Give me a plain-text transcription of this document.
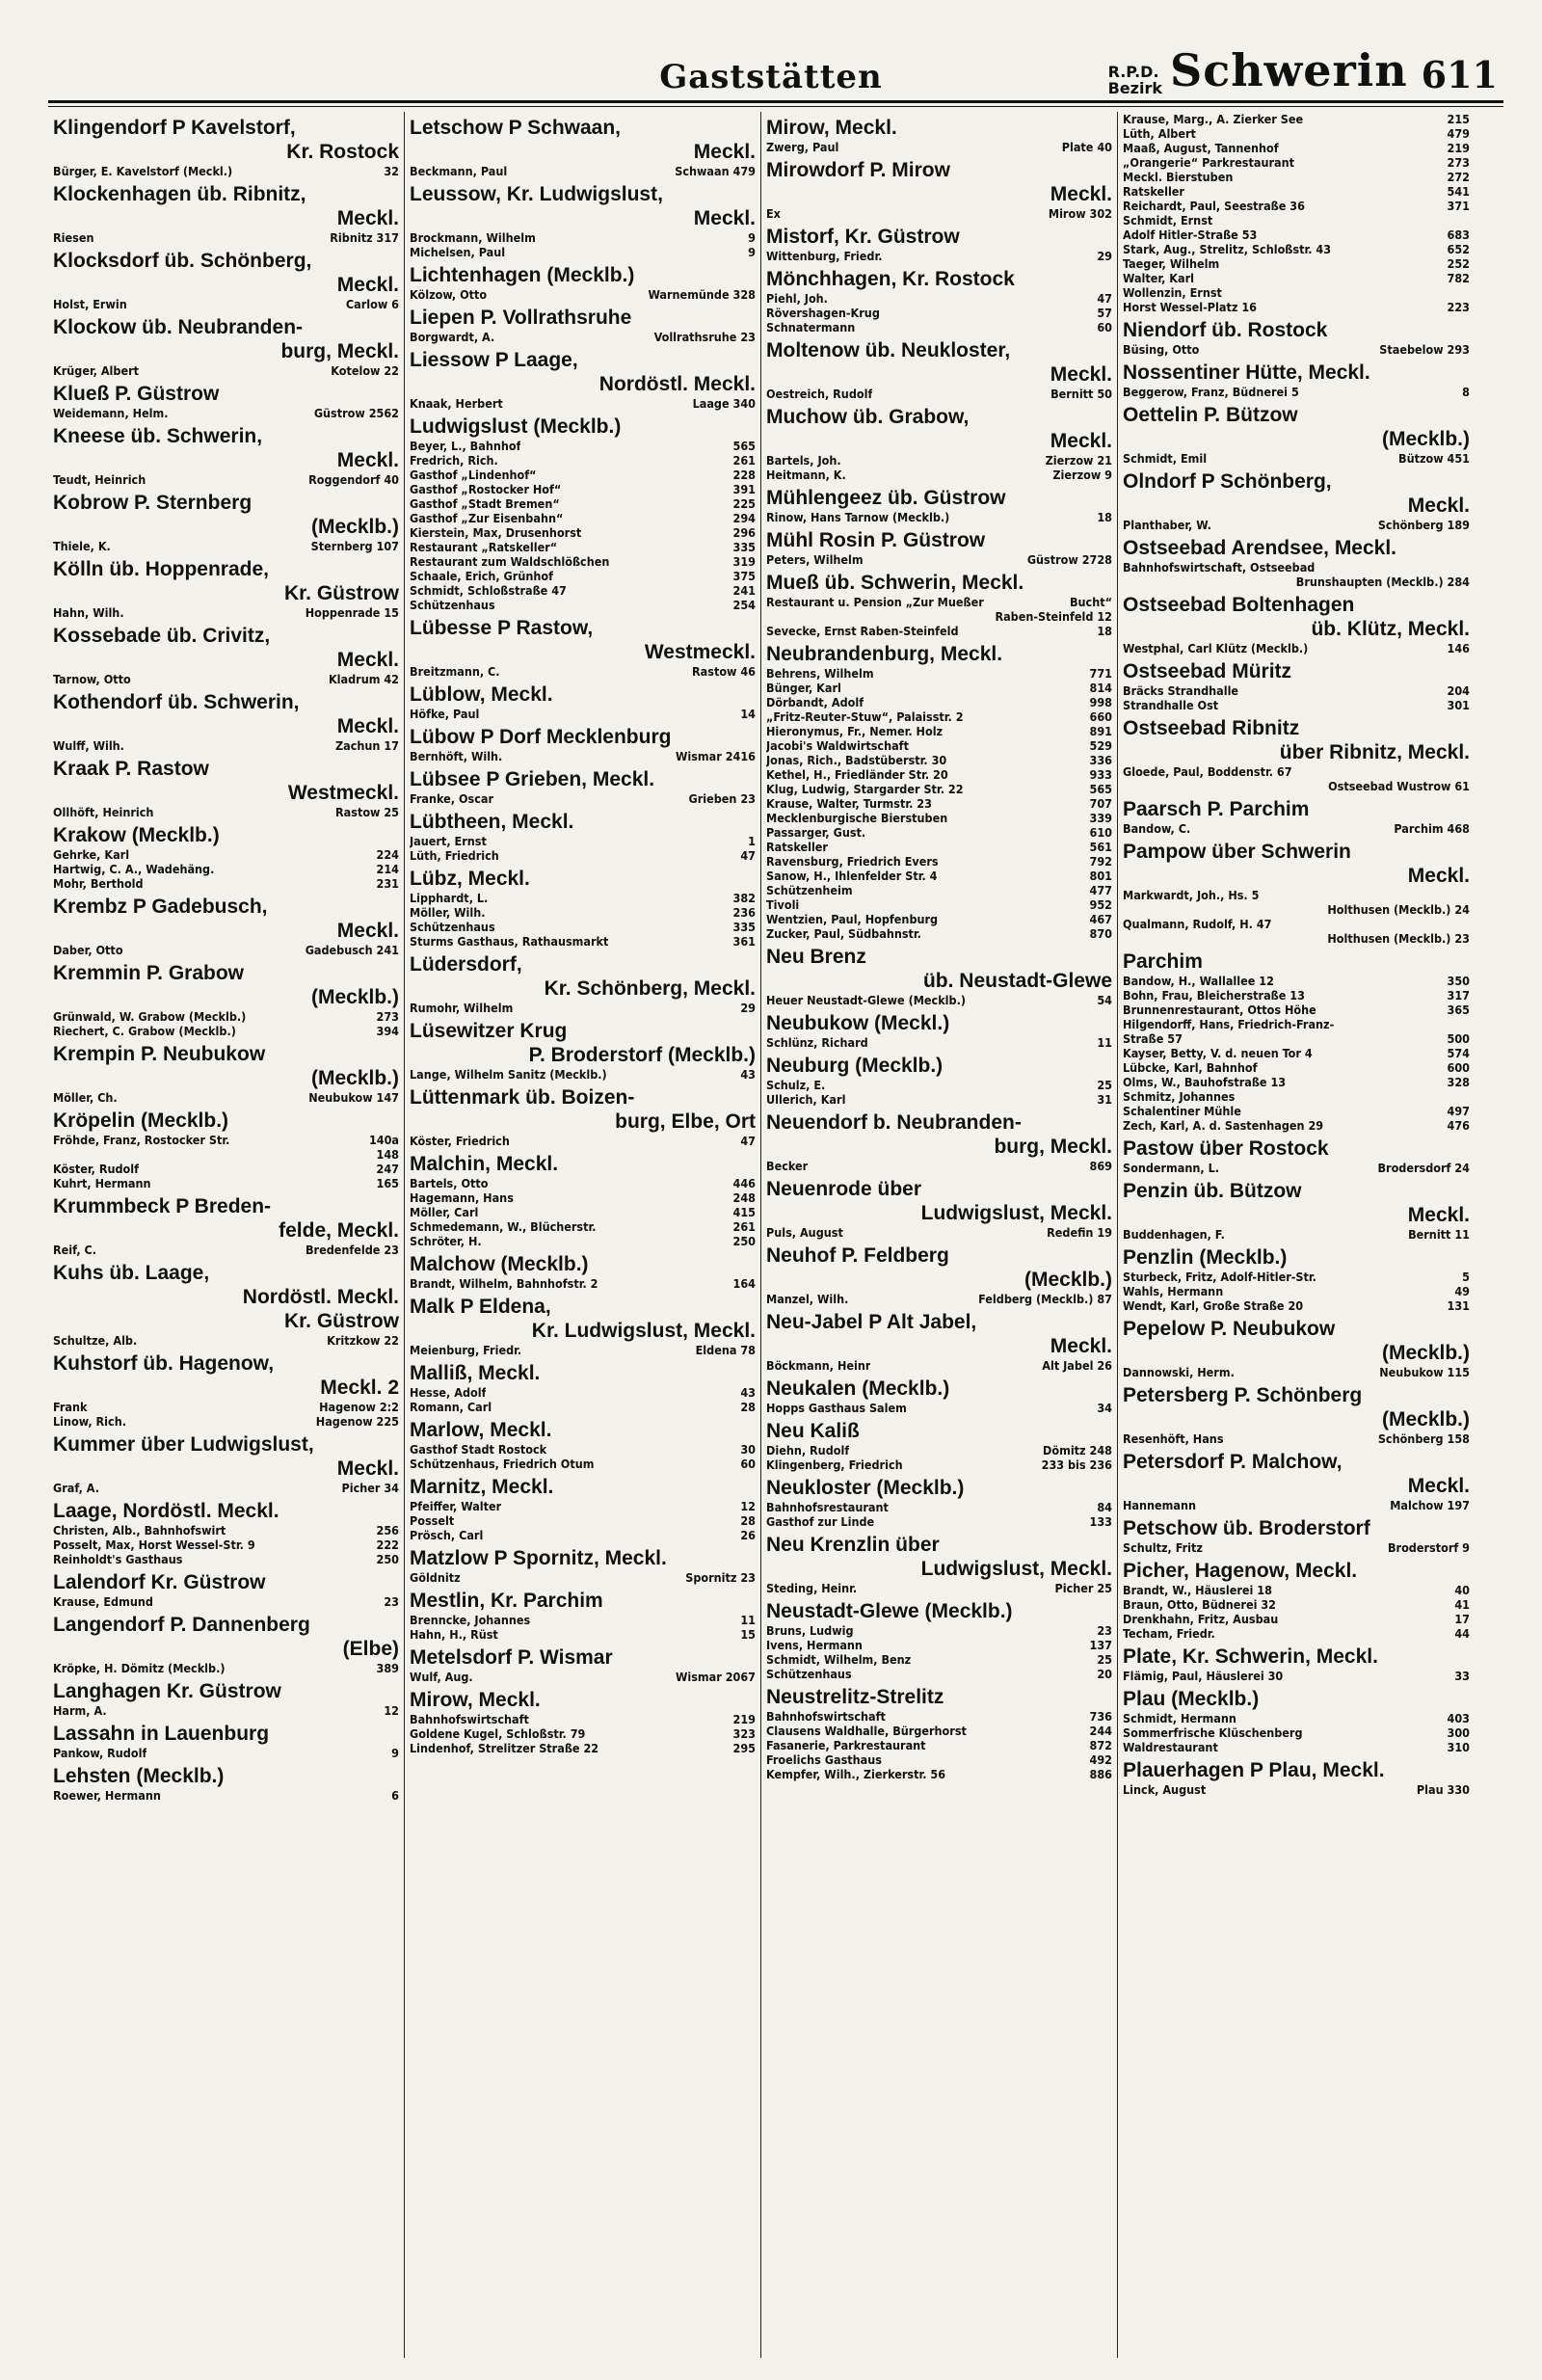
Gaststätten	R.P.D.
Bezirk Schwerin 611
Klingendorf P Kavelstorf,
Kr. Rostock
Bürger, E. Kavelstorf (Meckl.)	32
Klockenhagen üb. Ribnitz,
Meckl.
Riesen	Ribnitz 317
Klocksdorf üb. Schönberg,
Meckl.
Holst, Erwin	Carlow 6
Klockow üb. Neubranden-
burg, Meckl.
Krüger, Albert	Kotelow 22
Klueß P. Güstrow
Weidemann, Helm.	Güstrow 2562
Kneese üb. Schwerin,
Meckl.
Teudt, Heinrich	Roggendorf 40
Kobrow P. Sternberg
(Mecklb.)
Thiele, K.	Sternberg 107
Kölln üb. Hoppenrade,
Kr. Güstrow
Hahn, Wilh.	Hoppenrade 15
Kossebade üb. Crivitz,
Meckl.
Tarnow, Otto	Kladrum 42
Kothendorf üb. Schwerin,
Meckl.
Wulff, Wilh.	Zachun 17
Kraak P. Rastow
Westmeckl.
Ollhöft, Heinrich	Rastow 25
Krakow (Mecklb.)
Gehrke, Karl	224
Hartwig, C. A., Wadehäng.	214
Mohr, Berthold	231
Krembz P Gadebusch,
Meckl.
Daber, Otto	Gadebusch 241
Kremmin P. Grabow
(Mecklb.)
Grünwald, W. Grabow (Mecklb.)	273
Riechert, C. Grabow (Mecklb.)	394
Krempin P. Neubukow
(Mecklb.)
Möller, Ch.	Neubukow 147
Kröpelin (Mecklb.)
Fröhde, Franz, Rostocker Str.	140a
148
Köster, Rudolf	247
Kuhrt, Hermann	165
Krummbeck P Breden-
felde, Meckl.
Reif, C.	Bredenfelde 23
Kuhs üb. Laage,
Nordöstl. Meckl.
Kr. Güstrow
Schultze, Alb.	Kritzkow 22
Kuhstorf üb. Hagenow,
Meckl. 2
Frank	Hagenow 2:2
Linow, Rich.	Hagenow 225
Kummer über Ludwigslust,
Meckl.
Graf, A.	Picher 34
Laage, Nordöstl. Meckl.
Christen, Alb., Bahnhofswirt	256
Posselt, Max, Horst Wessel-Str. 9	222
Reinholdt's Gasthaus	250
Lalendorf Kr. Güstrow
Krause, Edmund	23
Langendorf P. Dannenberg
(Elbe)
Kröpke, H. Dömitz (Mecklb.)	389
Langhagen Kr. Güstrow
Harm, A.	12
Lassahn in Lauenburg
Pankow, Rudolf	9
Lehsten (Mecklb.)
Roewer, Hermann	6
Letschow P Schwaan,
Meckl.
Beckmann, Paul	Schwaan 479
Leussow, Kr. Ludwigslust,
Meckl.
Brockmann, Wilhelm	9
Michelsen, Paul	9
Lichtenhagen (Mecklb.)
Kölzow, Otto	Warnemünde 328
Liepen P. Vollrathsruhe
Borgwardt, A.	Vollrathsruhe 23
Liessow P Laage,
Nordöstl. Meckl.
Knaak, Herbert	Laage 340
Ludwigslust (Mecklb.)
Beyer, L., Bahnhof	565
Fredrich, Rich.	261
Gasthof „Lindenhof“	228
Gasthof „Rostocker Hof“	391
Gasthof „Stadt Bremen“	225
Gasthof „Zur Eisenbahn“	294
Kierstein, Max, Drusenhorst	296
Restaurant „Ratskeller“	335
Restaurant zum Waldschlößchen	319
Schaale, Erich, Grünhof	375
Schmidt, Schloßstraße 47	241
Schützenhaus	254
Lübesse P Rastow,
Westmeckl.
Breitzmann, C.	Rastow 46
Lüblow, Meckl.
Höfke, Paul	14
Lübow P Dorf Mecklenburg
Bernhöft, Wilh.	Wismar 2416
Lübsee P Grieben, Meckl.
Franke, Oscar	Grieben 23
Lübtheen, Meckl.
Jauert, Ernst	1
Lüth, Friedrich	47
Lübz, Meckl.
Lipphardt, L.	382
Möller, Wilh.	236
Schützenhaus	335
Sturms Gasthaus, Rathausmarkt	361
Lüdersdorf,
Kr. Schönberg, Meckl.
Rumohr, Wilhelm	29
Lüsewitzer Krug
P. Broderstorf (Mecklb.)
Lange, Wilhelm Sanitz (Mecklb.)	43
Lüttenmark üb. Boizen-
burg, Elbe, Ort
Köster, Friedrich	47
Malchin, Meckl.
Bartels, Otto	446
Hagemann, Hans	248
Möller, Carl	415
Schmedemann, W., Blücherstr.	261
Schröter, H.	250
Malchow (Mecklb.)
Brandt, Wilhelm, Bahnhofstr. 2	164
Malk P Eldena,
Kr. Ludwigslust, Meckl.
Meienburg, Friedr.	Eldena 78
Malliß, Meckl.
Hesse, Adolf	43
Romann, Carl	28
Marlow, Meckl.
Gasthof Stadt Rostock	30
Schützenhaus, Friedrich Otum	60
Marnitz, Meckl.
Pfeiffer, Walter	12
Posselt	28
Prösch, Carl	26
Matzlow P Spornitz, Meckl.
Göldnitz	Spornitz 23
Mestlin, Kr. Parchim
Brenncke, Johannes	11
Hahn, H., Rüst	15
Metelsdorf P. Wismar
Wulf, Aug.	Wismar 2067
Mirow, Meckl.
Bahnhofswirtschaft	219
Goldene Kugel, Schloßstr. 79	323
Lindenhof, Strelitzer Straße 22	295
Mirow, Meckl.
Zwerg, Paul	Plate 40
Mirowdorf P. Mirow
Meckl.
Ex	Mirow 302
Mistorf, Kr. Güstrow
Wittenburg, Friedr.	29
Mönchhagen, Kr. Rostock
Piehl, Joh.	47
Rövershagen-Krug	57
Schnatermann	60
Moltenow üb. Neukloster,
Meckl.
Oestreich, Rudolf	Bernitt 50
Muchow üb. Grabow,
Meckl.
Bartels, Joh.	Zierzow 21
Heitmann, K.	Zierzow 9
Mühlengeez üb. Güstrow
Rinow, Hans Tarnow (Mecklb.)	18
Mühl Rosin P. Güstrow
Peters, Wilhelm	Güstrow 2728
Mueß üb. Schwerin, Meckl.
Restaurant u. Pension „Zur Mueßer	Bucht“
Raben-Steinfeld 12
Sevecke, Ernst Raben-Steinfeld	18
Neubrandenburg, Meckl.
Behrens, Wilhelm	771
Bünger, Karl	814
Dörbandt, Adolf	998
„Fritz-Reuter-Stuw“, Palaisstr. 2	660
Hieronymus, Fr., Nemer. Holz	891
Jacobi's Waldwirtschaft	529
Jonas, Rich., Badstüberstr. 30	336
Kethel, H., Friedländer Str. 20	933
Klug, Ludwig, Stargarder Str. 22	565
Krause, Walter, Turmstr. 23	707
Mecklenburgische Bierstuben	339
Passarger, Gust.	610
Ratskeller	561
Ravensburg, Friedrich Evers	792
Sanow, H., Ihlenfelder Str. 4	801
Schützenheim	477
Tivoli	952
Wentzien, Paul, Hopfenburg	467
Zucker, Paul, Südbahnstr.	870
Neu Brenz
üb. Neustadt-Glewe
Heuer Neustadt-Glewe (Mecklb.)	54
Neubukow (Meckl.)
Schlünz, Richard	11
Neuburg (Mecklb.)
Schulz, E.	25
Ullerich, Karl	31
Neuendorf b. Neubranden-
burg, Meckl.
Becker	869
Neuenrode über
Ludwigslust, Meckl.
Puls, August	Redefin 19
Neuhof P. Feldberg
(Mecklb.)
Manzel, Wilh.	Feldberg (Mecklb.) 87
Neu-Jabel P Alt Jabel,
Meckl.
Böckmann, Heinr	Alt Jabel 26
Neukalen (Mecklb.)
Hopps Gasthaus Salem	34
Neu Kaliß
Diehn, Rudolf	Dömitz 248
Klingenberg, Friedrich	233 bis 236
Neukloster (Mecklb.)
Bahnhofsrestaurant	84
Gasthof zur Linde	133
Neu Krenzlin über
Ludwigslust, Meckl.
Steding, Heinr.	Picher 25
Neustadt-Glewe (Mecklb.)
Bruns, Ludwig	23
Ivens, Hermann	137
Schmidt, Wilhelm, Benz	25
Schützenhaus	20
Neustrelitz-Strelitz
Bahnhofswirtschaft	736
Clausens Waldhalle, Bürgerhorst	244
Fasanerie, Parkrestaurant	872
Froelichs Gasthaus	492
Kempfer, Wilh., Zierkerstr. 56	886
Krause, Marg., A. Zierker See	215
Lüth, Albert	479
Maaß, August, Tannenhof	219
„Orangerie“ Parkrestaurant	273
Meckl. Bierstuben	272
Ratskeller	541
Reichardt, Paul, Seestraße 36	371
Schmidt, Ernst
Adolf Hitler-Straße 53	683
Stark, Aug., Strelitz, Schloßstr. 43	652
Taeger, Wilhelm	252
Walter, Karl	782
Wollenzin, Ernst
Horst Wessel-Platz 16	223
Niendorf üb. Rostock
Büsing, Otto	Staebelow 293
Nossentiner Hütte, Meckl.
Beggerow, Franz, Büdnerei 5	8
Oettelin P. Bützow
(Mecklb.)
Schmidt, Emil	Bützow 451
Olndorf P Schönberg,
Meckl.
Planthaber, W.	Schönberg 189
Ostseebad Arendsee, Meckl.
Bahnhofswirtschaft, Ostseebad
Brunshaupten (Mecklb.) 284
Ostseebad Boltenhagen
üb. Klütz, Meckl.
Westphal, Carl Klütz (Mecklb.)	146
Ostseebad Müritz
Bräcks Strandhalle	204
Strandhalle Ost	301
Ostseebad Ribnitz
über Ribnitz, Meckl.
Gloede, Paul, Boddenstr. 67
Ostseebad Wustrow 61
Paarsch P. Parchim
Bandow, C.	Parchim 468
Pampow über Schwerin
Meckl.
Markwardt, Joh., Hs. 5
Holthusen (Mecklb.) 24
Qualmann, Rudolf, H. 47
Holthusen (Mecklb.) 23
Parchim
Bandow, H., Wallallee 12	350
Bohn, Frau, Bleicherstraße 13	317
Brunnenrestaurant, Ottos Höhe	365
Hilgendorff, Hans, Friedrich-Franz-
Straße 57	500
Kayser, Betty, V. d. neuen Tor 4	574
Lübcke, Karl, Bahnhof	600
Olms, W., Bauhofstraße 13	328
Schmitz, Johannes
Schalentiner Mühle	497
Zech, Karl, A. d. Sastenhagen 29	476
Pastow über Rostock
Sondermann, L.	Brodersdorf 24
Penzin üb. Bützow
Meckl.
Buddenhagen, F.	Bernitt 11
Penzlin (Mecklb.)
Sturbeck, Fritz, Adolf-Hitler-Str.	5
Wahls, Hermann	49
Wendt, Karl, Große Straße 20	131
Pepelow P. Neubukow
(Mecklb.)
Dannowski, Herm.	Neubukow 115
Petersberg P. Schönberg
(Mecklb.)
Resenhöft, Hans	Schönberg 158
Petersdorf P. Malchow,
Meckl.
Hannemann	Malchow 197
Petschow üb. Broderstorf
Schultz, Fritz	Broderstorf 9
Picher, Hagenow, Meckl.
Brandt, W., Häuslerei 18	40
Braun, Otto, Büdnerei 32	41
Drenkhahn, Fritz, Ausbau	17
Techam, Friedr.	44
Plate, Kr. Schwerin, Meckl.
Flämig, Paul, Häuslerei 30	33
Plau (Mecklb.)
Schmidt, Hermann	403
Sommerfrische Klüschenberg	300
Waldrestaurant	310
Plauerhagen P Plau, Meckl.
Linck, August	Plau 330
